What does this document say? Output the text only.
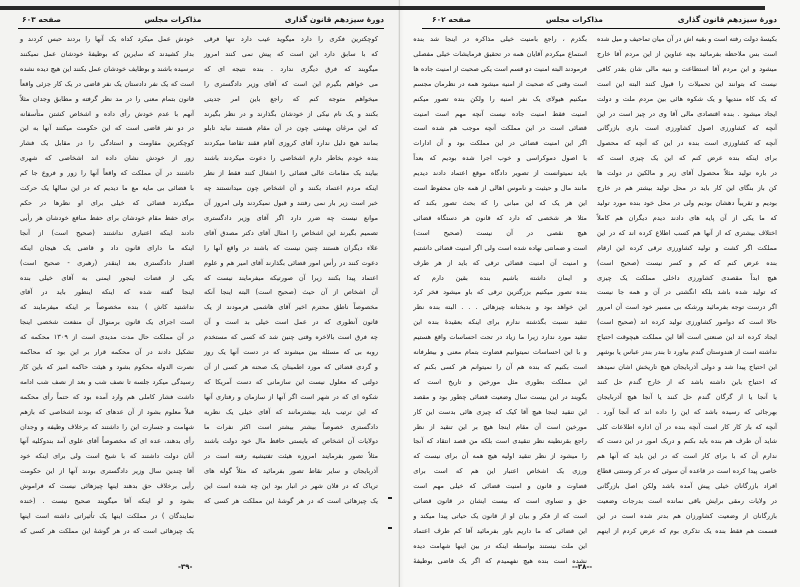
دورهٔ سیزدهم قانون گذاری
مذاکرات مجلس
صفحه ۶۰۳

کوچکترین فکری را دارد میگوید عیب دارد تنها فرقی

که با سابق دارد این است که پیش نمی کنند امروز

میگویند که فرق دیگری ندارد . بنده نتیجه ای که

می خواهم بگیرم این است که آقای وزیر دادگستری را

میخواهم متوجه کنم که راجع باین امر جدیتی

بکنند و یک نام نیکی از خودشان بگذارند و در نظر بگیرند

که این مرغان بهشتی چون در آن مقام هستند نباید تابلو

بمانند هیچ دلیل ندارد آقای کروزی آقام فقند تقاضا میکردند

بنده خودم بخاطر دارم اشخاصی را دعوت میکردند باشند

بیایند یک مقامات عالی قضائی را اشغال کنند فقط از نظر

اینکه مردم اعتماد بکنند و آن اشخاص چون میدانستند چه

خبر است زیر بار نمی رفتند و قبول نمیکردند ولی امروز آن

موانع نیست چه ضرر دارد اگر آقای وزیر دادگستری

تصمیم بگیرند این اشخاص را امثال آقای دکتر مصدق آقای

علاء دیگران هستند چنین نیست که باشند در واقع آنها را

دعوت کنند در رأس امور قضائی بگذارند آقای امیر هم و علوم

اعتماد پیدا بکنند زیرا آن صورتیکه میفرمایند نیست که

آن اشخاص از آن حیث (صحیح است) البته اینجا آنکه

مخصوصاً ناطق محترم اخیر آقای هاشمی فرمودند از یک

قانون آنطوری که در عمل است خیلی بد است و آن

چه فرق است بالاخره وقتی چنین شد که کسی که مستخدم

روبه بی که مسئله بین میشوند که در دست آنها یک روز

و گردی قضائی که مورد اطمینان یک صحنه هر کسی از آن

دولتی که معلول نیست این سازمانی که دست آمریکا که

شکوه ای که در شهر است اگر آنها از سازمان و رفتاری آنها

که این ترتیب باید بیشترمانند که آقای خیلی یک نظریه

دادگستری خصوصاً بیشتر بیشتر است اکثر نفرات ما

دولایات آن اشخاص که بایستی حافظ مال خود دولت باشند

مثلاً تصور بفرمایند امروزه هیئت تفتیشیه رفته است در

آذربایجان و سایر نقاط تصور بفرمائید که مثلاً گوله های

تریاک که در فلان شهر در انبار بود این چه شده است این

یک چیزهائی است که در هر گوشهٔ این مملکت هر کسی که

خودش عمل میکرد کداه یک آنها را بردند حبس کردند و

بدار کشیدند که سایرین که بوظیفهٔ خودشان عمل نمیکنند

ترسیده باشند و بوظایف خودشان عمل بکنند این هیچ دیده نشده

است که یک نفر دادستان یک نفر قاضی در یک کار جزئی واقعاً

قانون بتمام معنی را در مد نظر گرفته و مطابق وجدان مثلاً

آنهم با عدم خودش رأی داده و اشخاص کشتن متأسفانه

در دو نفر قاضی است که این حکومت میکنند آنها به این

کوچکترین مقاومت و استادگی را در مقابل یک فشار

زور از خودش نشان داده اند اشخاصی که شهری

داشتند در آن مملکت که واقعاً آنها را زور و فروع جا کم

با فضائی بی مایه مع ما دیدیم که در این سالها یک حرکت

میگذرند قضائی که خیلی برای او نظرها در حکم

برای حفظ مقام خودشان برای حفظ منافع خودشان هر رأیی

دادند اینکه اعتباری نداشتند (صحیح است) از آنجا

اینکه ما دارای قانون داد و قاضی یک هیجان اینکه

اقتدار دادگستری بعد اینقدر (رهبری - صحیح است)

یکی از قضات اینجور ایمنی به آقای خیلی بنده

اینجا گفته شده که اینکه اینطور باید در آقای

نداشتید کاش ) بنده مخصوصاً بر اینکه میفرمایند که

است اجرای یک قانون برمنوال آن منفعت شخصی اینجا

در آن مملکت حال مدت مدیدی است از ۱۳۰۹ محکمه که

تشکیل دادند در آن محکمه قرار بر این بود که محاکمه

نصرت الدوله محکوم بشود و هیئت حاکمه امیز که باین کار

رسیدگی میکرد جلسه تا نصف شب و بعد از نصف شب ادامه

داشت فشار کاملی هم وارد آمده بود که حتماً رأی محکمه

قبلاً معلوم بشود از آن عدهای که بودند اشخاصی که بازهم

شهامت و جسارت این را داشتند که برخلاف وظیفه و وجدان

رأی بدهند، عده ای که مخصوصاً آقای علوی آمد بندوکلیه آنها

آنان دولت داشتند که با شیخ است ولی برای اینکه خود

آقا چندین سال وزیر دادگستری بودند آنها از این حکومت

رأیی برخلاف حق بدهند اینها چیزهائی نیست که فراموش

بشود و لو اینکه آقا میگویند صحیح نیست . (خنده

نمایندگان ) در مملکت اینها یک تأثیراتی داشته است اینها

یک چیزهائی است که در هر گوشهٔ این مملکت هر کسی که

-۳۹-
دورهٔ سیزدهم قانون گذاری
مذاکرات مجلس
صفحه ۶۰۲

بکیسهٔ دولت رفته است و بقیه اش در آن میان تماحیف و میل شده

است بس ملاحظه بفرمائید بچه عناوین از این مردم آقا خارج

میشود و این مردم آقا استطاعت و بنیه مالی شان بقدر کافی

نیست که بتوانند این تحمیلات را قبول کنند البته این است

که یک کاه مندیها و یک شکوه هائی بین مردم ملت و دولت

ایجاد میشود . بنده اقتصادی مالی آقا وی در چیز است در این

آنچه که کشاورزی اصول کشاورزی است باری بازرگانی

آنچه که کشاورزی است بنده در این که آنچه که محصول

برای اینکه بنده عرض کنم که این یک چیزی است که

در باره تولید مثلاً محصول آقای زیر و مالکین در دولت ها

کن باز بنگای این کار باید در محل تولید بیشتر هم در خارج

بودیم و تقریباً دهشان بودیم ولی در محل خود بنده مورد تولید

که ما یکی از آن پایه های دادند دیدم دیگران هم کاملاً

اختلاف بیشتری که از آنها هم کسب اطلاع کرده اند که در این

مملکت اگر کشت و تولید کشاورزی ترقی کرده این ارقام

بنده عرض کنم که کم و کسر نیست (صحیح است)

هیچ ابداً مقصدی کشاورزی داخلی مملکت یک چیزی

که تولید شده باشد بلکه انگشتی در آن و همه جا نیست

اگر درست توجه بفرمائید ورشکه بی مسیر خود است آن امرور

حالا است که دوامور کشاورزی تولید کرده اند (صحیح است)

ایجاد کرده اند این صنعتی است آقا این مملکت هیچوقت احتیاج

نداشته است از هندوستان گندم بیاورد تا بندر بندر عباس یا بوشهر

این احتیاج پیدا شد و دولی آذربایجان هیچ تاریخش اشان نمیدهد

که احتیاج باین داشته باشد که از خارج گندم حل کنند

یا آنجا یا از گرگان گندم حل کنند یا آنجا هیچ آذربایجان

بهرجائی که رسیده باشد که این را داده اند که آنجا آورد .

آنچه که باز کار کار است آنچه بنده در آن اداره اطلاعات کلی

شاید آن طرف هم بنده باید بکنم و دریک امور در این دست که

ندارم آن که با برای کار است که در این باید که آنها هم

خاصی پیدا کرده است در قاعده آن سوئی که در کر وستتی قطاع

افراد بازرگانان خیلی پیش آمده باشد ولکن اصل بازرگانی

در ولایات رمقی برایش باقی نمانده است بدرجات وضعیت

بازرگانان از وضعیت کشاورزان هم بدتر شده است در این

قسمت هم فقط بنده یک تذکری بوم که عرض کردم از اینهم

بگذرم ، راجع بامنیت خیلی مذاکره در اینجا شد بنده

استماع میکردم آقایان همه در تحقیق فرمایشات خیلی مفصلی

فرمودند البته امنیت دو قسم است یکی صحبت از امنیت جاده ها

است وقتی که صحبت از امنیه میشود همه در نظرمان مجسم

میکنیم هیولای یک نفر امنیه را ولکن بنده تصور میکنم

امنیت فقط امنیت جاده نیست آنچه مهم است امنیت

قضائی است در این مملکت آنچه موجب هم شده است

اگر این امنیت قضائی در این مملکت بود و آن ادارات

با اصول دموکراسی و خوب اجرا شده بودیم که بعداً

باید نمیتوانست از تصویر دادگاه موقع اعتماد دادند دیدیم

مانند مال و حیثیت و ناموس اهالی از همه جان محفوظ است

این هر یک که این مبانی را که بحث تصور بکند که

مثلا هر شخصی که دارد که قانون هر دستگاه قضائی

هیچ نقصی در آن نیست (صحیح است)

است و ضمانتی نهاده شده است ولی اگر امنیت قضائی داشتیم

و امنیت آن امنیت قضائی ترقی که باید از هر طرف

و ایمان داشته باشیم بنده بقین دارم که

بنده تصور میکنیم بزرگترین ترقی که باو میشود فخر کرد

این خواهد بود و بدبختانه چیزهائی . . . البته بنده نظر

تنقید نسبت بگذشته ندارم برای اینکه بعقیدهٔ بنده این

تنقید مورد ندارد زیرا ما زیاد در تحت احساسات واقع هستیم

و با این احساسات نمیتوانیم قضاوت بتمام معنی و بیطرفانه

است بکنیم که بنده هم آن را نمیتوانم هر کسی بکنم که

این مملکت بطوری مثل مورخین و تاریخ است که

بگویند در این بیست سال وضعیت قضائی چطور بود و مقصد

این تنقید اینجا هیچ آقا کیک که چیزی هائی بدست این کار

مورخین است آن مقام اینجا هیچ بر این تنقید از نظر

راجع بقرنطینه نظر تنقیدی است بلکه من قصد انتقاد که آنجا

را میشود از نظر تنقید اولیه هیچ همه آن برای نیست که

ورزی یک اشخاص اعتبار این هم که است برای

قضاوت و قانون و امنیت قضائی که خیلی مهم است

حق و تساوی است که بیست ایشان در قانون قضائی

است که از فکر و بیان او از قانون یک حیاتی پیدا میکند و

این قضائی که ما داریم باور بفرمائید آقا کم طرف اعتماد

این ملت نیستند بواسطه اینکه در بین اینها شهامت دیده

نشده است بنده هیچ نفهمیدم که اگر یک قاضی بوظیفهٔ

--۳۸--
